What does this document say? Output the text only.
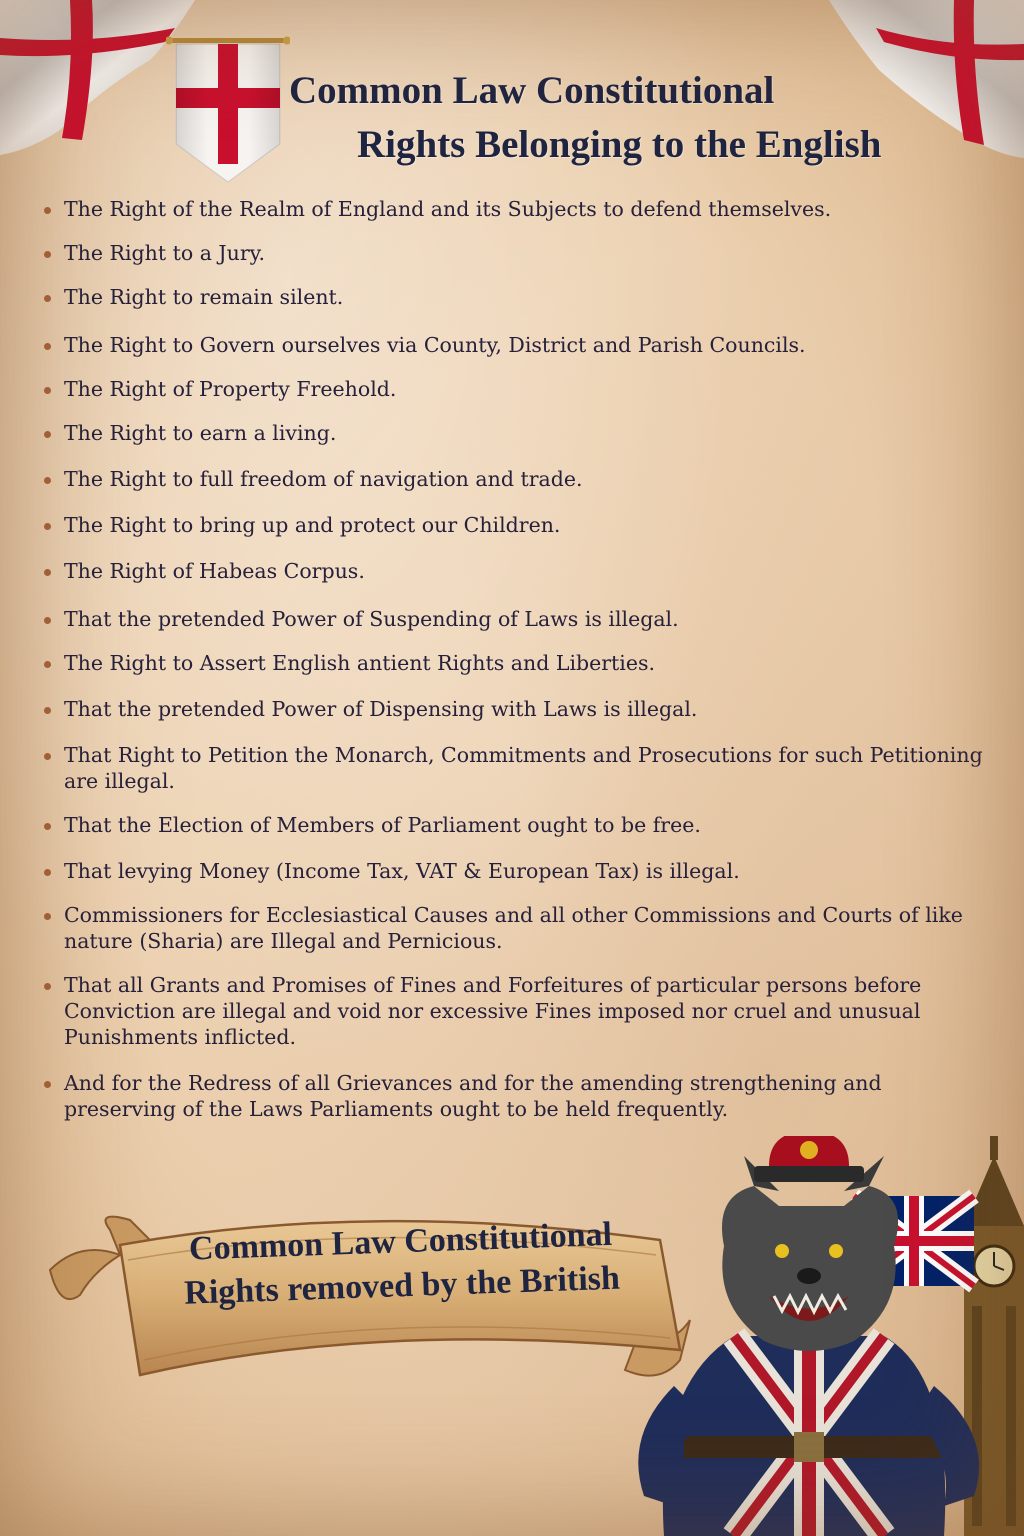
Common Law Constitutional
Rights Belonging to the English
The Right of the Realm of England and its Subjects to defend themselves.
The Right to a Jury.
The Right to remain silent.
The Right to Govern ourselves via County, District and Parish Councils.
The Right of Property Freehold.
The Right to earn a living.
The Right to full freedom of navigation and trade.
The Right to bring up and protect our Children.
The Right of Habeas Corpus.
That the pretended Power of Suspending of Laws is illegal.
The Right to Assert English antient Rights and Liberties.
That the pretended Power of Dispensing with Laws is illegal.
That Right to Petition the Monarch, Commitments and Prosecutions for such Petitioning are illegal.
That the Election of Members of Parliament ought to be free.
That levying Money (Income Tax, VAT & European Tax) is illegal.
Commissioners for Ecclesiastical Causes and all other Commissions and Courts of like nature (Sharia) are Illegal and Pernicious.
That all Grants and Promises of Fines and Forfeitures of particular persons before Conviction are illegal and void nor excessive Fines imposed nor cruel and unusual Punishments inflicted.
And for the Redress of all Grievances and for the amending strengthening and preserving of the Laws Parliaments ought to be held frequently.
Common Law Constitutional
Rights removed by the British
